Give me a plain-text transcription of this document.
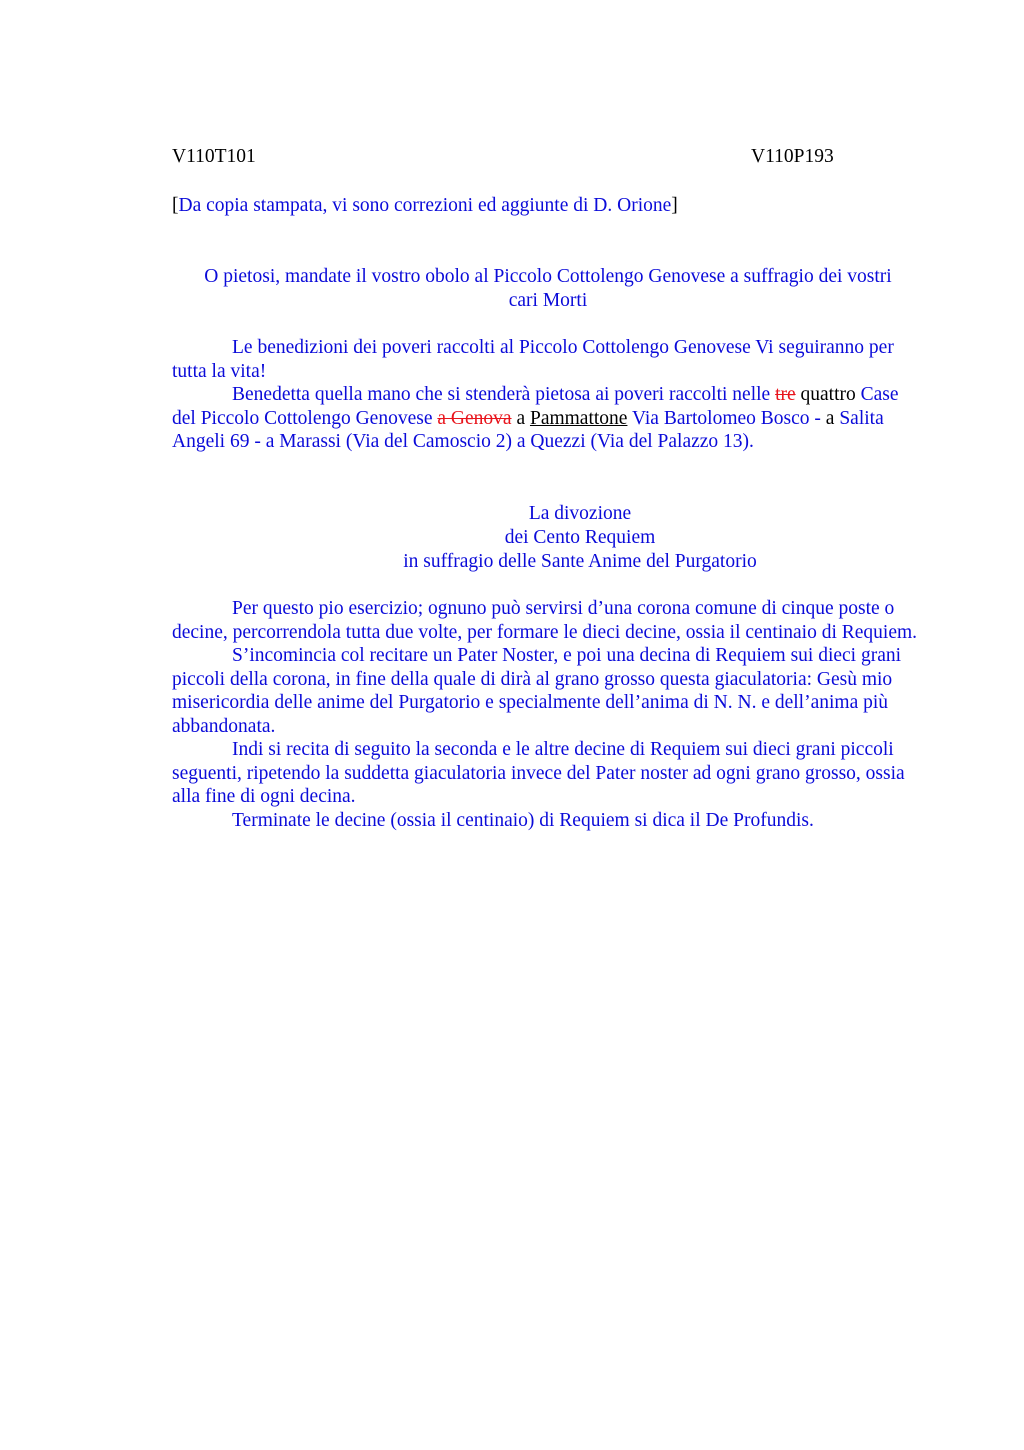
V110T101	V110P193
[Da copia stampata, vi sono correzioni ed aggiunte di D. Orione]
O pietosi, mandate il vostro obolo al Piccolo Cottolengo Genovese a suffragio dei vostri
cari Morti

Le benedizioni dei poveri raccolti al Piccolo Cottolengo Genovese Vi seguiranno per tutta la vita!

Benedetta quella mano che si stenderà pietosa ai poveri raccolti nelle tre quattro Case del Piccolo Cottolengo Genovese a Genova a Pammattone Via Bartolomeo Bosco - a Salita Angeli 69 - a Marassi (Via del Camoscio 2) a Quezzi (Via del Palazzo 13).

La divozione
dei Cento Requiem
in suffragio delle Sante Anime del Purgatorio

Per questo pio esercizio; ognuno può servirsi d’una corona comune di cinque poste o decine, percorrendola tutta due volte, per formare le dieci decine, ossia il centinaio di Requiem.

S’incomincia col recitare un Pater Noster, e poi una decina di Requiem sui dieci grani piccoli della corona, in fine della quale di dirà al grano grosso questa giaculatoria: Gesù mio misericordia delle anime del Purgatorio e specialmente dell’anima di N. N. e dell’anima più abbandonata.

Indi si recita di seguito la seconda e le altre decine di Requiem sui dieci grani piccoli seguenti, ripetendo la suddetta giaculatoria invece del Pater noster ad ogni grano grosso, ossia alla fine di ogni decina.

Terminate le decine (ossia il centinaio) di Requiem si dica il De Profundis.
